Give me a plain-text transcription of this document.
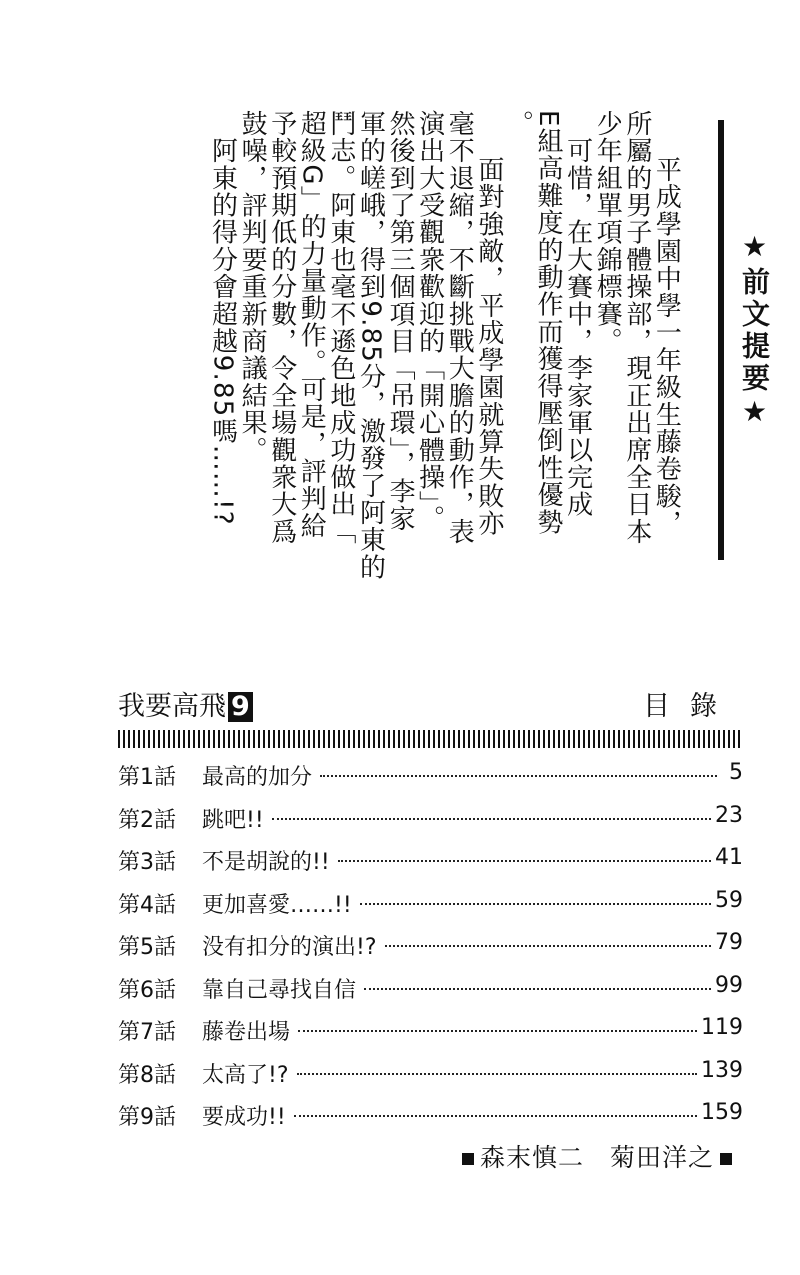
★前文提要★

　平成學園中學一年級生藤卷駿，
所屬的男子體操部，現正出席全日本
少年組單項錦標賽。
　可惜，在大賽中，李家軍以完成
E組高難度的動作而獲得壓倒性優勢
。
　面對強敵，平成學園就算失敗亦
毫不退縮，不斷挑戰大膽的動作，表
演出大受觀衆歡迎的「開心體操」。
然後到了第三個項目「吊環」，李家
軍的嵯峨，得到9.85分，激發了阿東的
鬥志。阿東也毫不遜色地成功做出「
超級G」的力量動作。可是，評判給
予較預期低的分數，令全場觀衆大爲
鼓噪，評判要重新商議結果。
　阿東的得分會超越9.85嗎……!?

我要高飛 9	目錄
第1話	最高的加分	5
第2話	跳吧!!	23
第3話	不是胡說的!!	41
第4話	更加喜愛……!!	59
第5話	没有扣分的演出!?	79
第6話	靠自己尋找自信	99
第7話	藤卷出場	119
第8話	太高了!?	139
第9話	要成功!!	159
森末慎二　菊田洋之
